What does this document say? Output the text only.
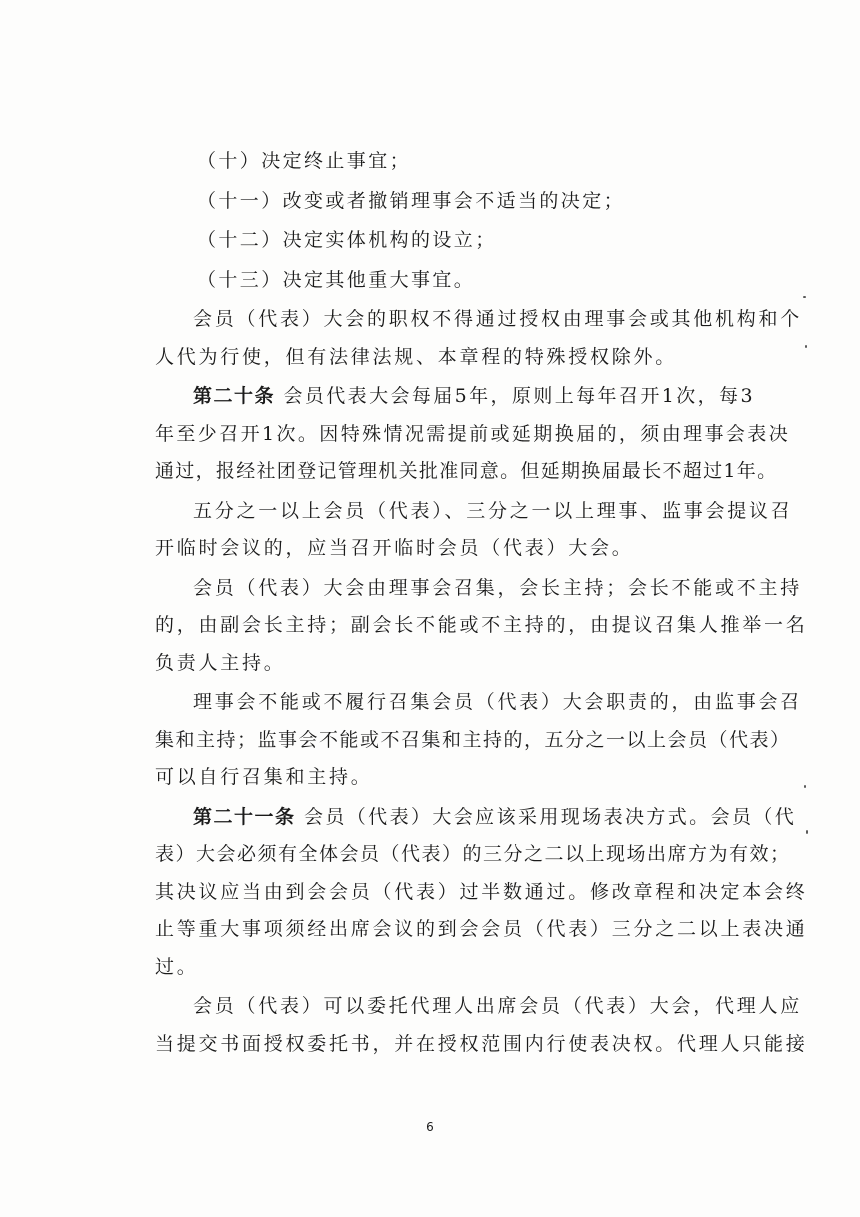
（十）决定终止事宜；
（十一）改变或者撤销理事会不适当的决定；
（十二）决定实体机构的设立；
（十三）决定其他重大事宜。
会员（代表）大会的职权不得通过授权由理事会或其他机构和个
人代为行使，但有法律法规、本章程的特殊授权除外。
第二十条 会员代表大会每届5年，原则上每年召开1次，每3
年至少召开1次。因特殊情况需提前或延期换届的，须由理事会表决
通过，报经社团登记管理机关批准同意。但延期换届最长不超过1年。
五分之一以上会员（代表）、三分之一以上理事、监事会提议召
开临时会议的，应当召开临时会员（代表）大会。
会员（代表）大会由理事会召集，会长主持；会长不能或不主持
的，由副会长主持；副会长不能或不主持的，由提议召集人推举一名
负责人主持。
理事会不能或不履行召集会员（代表）大会职责的，由监事会召
集和主持；监事会不能或不召集和主持的，五分之一以上会员（代表）
可以自行召集和主持。
第二十一条 会员（代表）大会应该采用现场表决方式。会员（代
表）大会必须有全体会员（代表）的三分之二以上现场出席方为有效；
其决议应当由到会会员（代表）过半数通过。修改章程和决定本会终
止等重大事项须经出席会议的到会会员（代表）三分之二以上表决通
过。
会员（代表）可以委托代理人出席会员（代表）大会，代理人应
当提交书面授权委托书，并在授权范围内行使表决权。代理人只能接
6
